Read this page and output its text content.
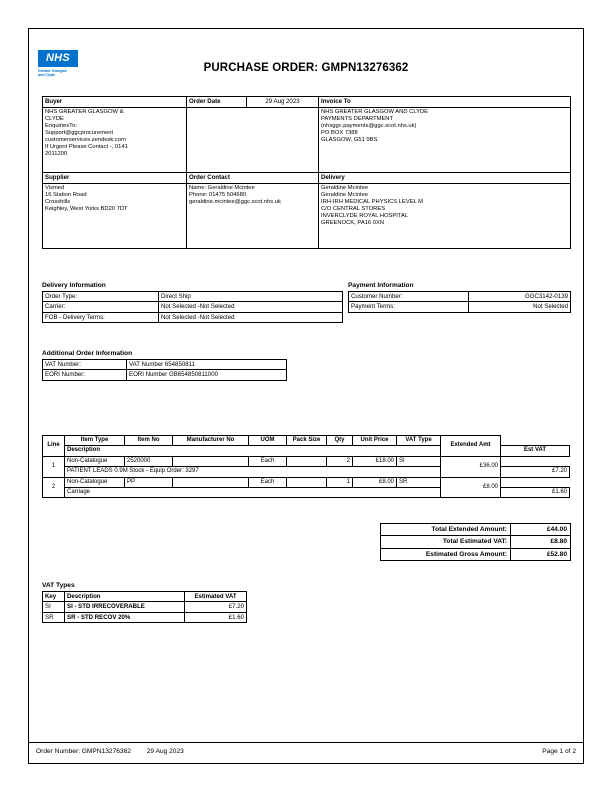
NHS
Greater Glasgow
and Clyde
PURCHASE ORDER: GMPN13276362
Buyer	Order Date	29 Aug 2023	Invoice To

NHS GREATER GLASGOW &
CLYDE
EnquiriesTo:
Support@ggcprocurement
customerservices.zendesk.com
If Urgent Please Contact -, 0141
2011200

NHS GREATER GLASGOW AND CLYDE
PAYMENTS DEPARTMENT
(nhsggc.payments@ggc.scot.nhs.uk)
PO BOX 7388
GLASGOW, G51 9BS

Supplier	Order Contact		Delivery

Vismed
16 Station Road
Crosshills
Keighley, West Yorks BD20 7DT

Name: Geraldine Mcintee
Phone: 01475 504680
geraldine.mcintee@ggc.scot.nhs.uk

Geraldine Mcintee
Geraldine Mcintee
IRH-IRH MEDICAL PHYSICS LEVEL M
C/O CENTRAL STORES
INVERCLYDE ROYAL HOSPITAL
GREENOCK, PA16 0XN
Delivery Information
Order Type:	Direct Ship
Carrier:	Not Selected -Not Selected
FOB - Delivery Terms:	Not Selected -Not Selected
Payment Information
Customer Number:	GGC3142-0139
Payment Terms:	Not Selected
Additional Order Information
VAT Number:	VAT Number 654850811
EORI Number:	EORI Number GB654850811000
Line	Item Type	Item No	Manufacturer No	UOM	Pack Size	Qty	Unit Price	VAT Type	Extended Amt	
	Description									Est VAT
1	Non-Catalogue	2520000		Each		2	£18.00	SI	£36.00	
	PATIENT LEADS 0.9M Stock - Equip Order: 3297									£7.20
2	Non-Catalogue	PP		Each		1	£8.00	SR	£8.00	
	Carriage									£1.60
Total Extended Amount:	£44.00
Total Estimated VAT:	£8.80
Estimated Gross Amount:	£52.80
VAT Types
Key	Description	Estimated VAT
SI	SI - STD IRRECOVERABLE	£7.20
SR	SR - STD RECOV 20%	£1.60
Page 1 of 2
Order Number: GMPN13276362 29 Aug 2023
